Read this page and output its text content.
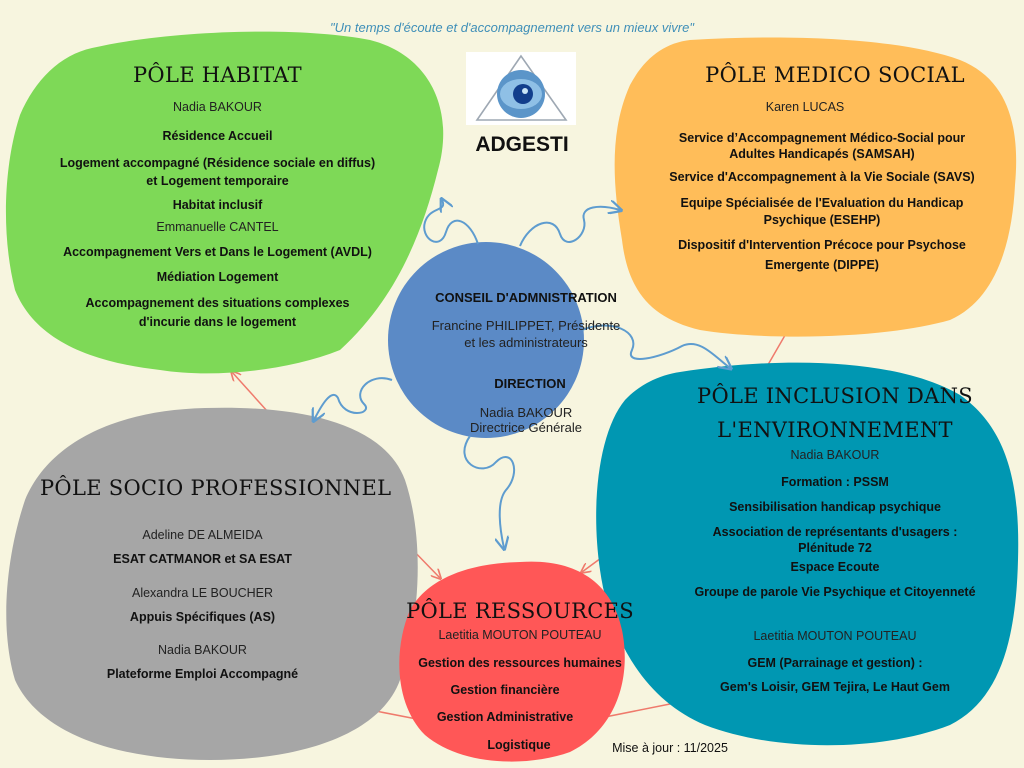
"Un temps d'écoute et d'accompagnement vers un mieux vivre"
ADGESTI
PÔLE HABITAT
Nadia BAKOUR
Résidence Accueil
Logement accompagné (Résidence sociale en diffus)
et Logement temporaire
Habitat inclusif
Emmanuelle CANTEL
Accompagnement Vers et Dans le Logement (AVDL)
Médiation Logement
Accompagnement des situations complexes
d'incurie dans le logement
PÔLE MEDICO SOCIAL
Karen LUCAS
Service d’Accompagnement Médico-Social pour
Adultes Handicapés (SAMSAH)
Service d'Accompagnement à la Vie Sociale (SAVS)
Equipe Spécialisée de l'Evaluation du Handicap
Psychique (ESEHP)
Dispositif d'Intervention Précoce pour Psychose
Emergente (DIPPE)
CONSEIL D'ADMNISTRATION
Francine PHILIPPET, Présidente
et les administrateurs
DIRECTION
Nadia BAKOUR
Directrice Générale
PÔLE SOCIO PROFESSIONNEL
Adeline DE ALMEIDA
ESAT CATMANOR et SA ESAT
Alexandra LE BOUCHER
Appuis Spécifiques (AS)
Nadia BAKOUR
Plateforme Emploi Accompagné
PÔLE INCLUSION DANS
L'ENVIRONNEMENT
Nadia BAKOUR
Formation : PSSM
Sensibilisation handicap psychique
Association de représentants d'usagers :
Plénitude 72
Espace Ecoute
Groupe de parole Vie Psychique et Citoyenneté
Laetitia MOUTON POUTEAU
GEM (Parrainage et gestion) :
Gem's Loisir, GEM Tejira, Le Haut Gem
PÔLE RESSOURCES
Laetitia MOUTON POUTEAU
Gestion des ressources humaines
Gestion financière
Gestion Administrative
Logistique	Mise à jour : 11/2025
